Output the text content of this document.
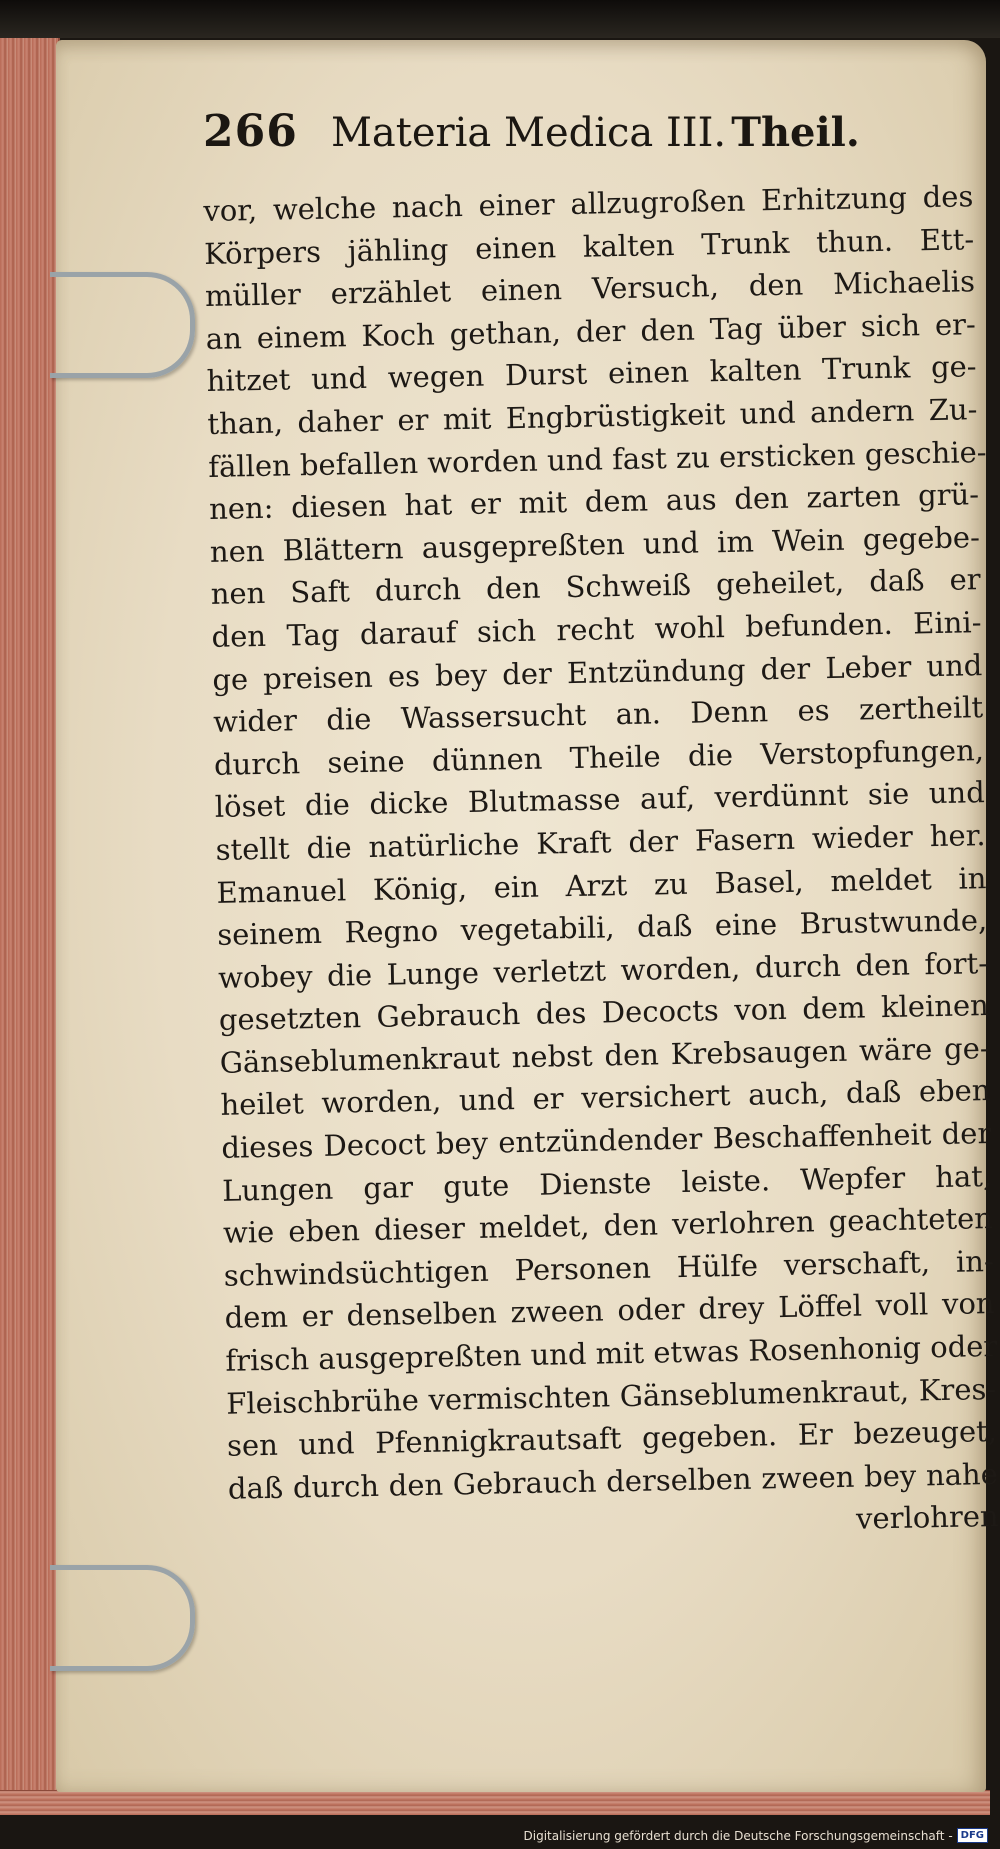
266 Materia Medica III. Theil.
vor, welche nach einer allzugroßen Erhitzung des
Körpers jähling einen kalten Trunk thun. Ett-
müller erzählet einen Versuch, den Michaelis
an einem Koch gethan, der den Tag über sich er-
hitzet und wegen Durst einen kalten Trunk ge-
than, daher er mit Engbrüstigkeit und andern Zu-
fällen befallen worden und fast zu ersticken geschie-
nen: diesen hat er mit dem aus den zarten grü-
nen Blättern ausgepreßten und im Wein gegebe-
nen Saft durch den Schweiß geheilet, daß er
den Tag darauf sich recht wohl befunden. Eini-
ge preisen es bey der Entzündung der Leber und
wider die Wassersucht an. Denn es zertheilt
durch seine dünnen Theile die Verstopfungen,
löset die dicke Blutmasse auf, verdünnt sie und
stellt die natürliche Kraft der Fasern wieder her.
Emanuel König, ein Arzt zu Basel, meldet in
seinem Regno vegetabili, daß eine Brustwunde,
wobey die Lunge verletzt worden, durch den fort-
gesetzten Gebrauch des Decocts von dem kleinen
Gänseblumenkraut nebst den Krebsaugen wäre ge-
heilet worden, und er versichert auch, daß eben
dieses Decoct bey entzündender Beschaffenheit der
Lungen gar gute Dienste leiste. Wepfer hat,
wie eben dieser meldet, den verlohren geachteten
schwindsüchtigen Personen Hülfe verschaft, in-
dem er denselben zween oder drey Löffel voll von
frisch ausgepreßten und mit etwas Rosenhonig oder
Fleischbrühe vermischten Gänseblumenkraut, Kres-
sen und Pfennigkrautsaft gegeben. Er bezeuget,
daß durch den Gebrauch derselben zween bey nahe
verlohren
Digitalisierung gefördert durch die Deutsche Forschungsgemeinschaft - DFG
